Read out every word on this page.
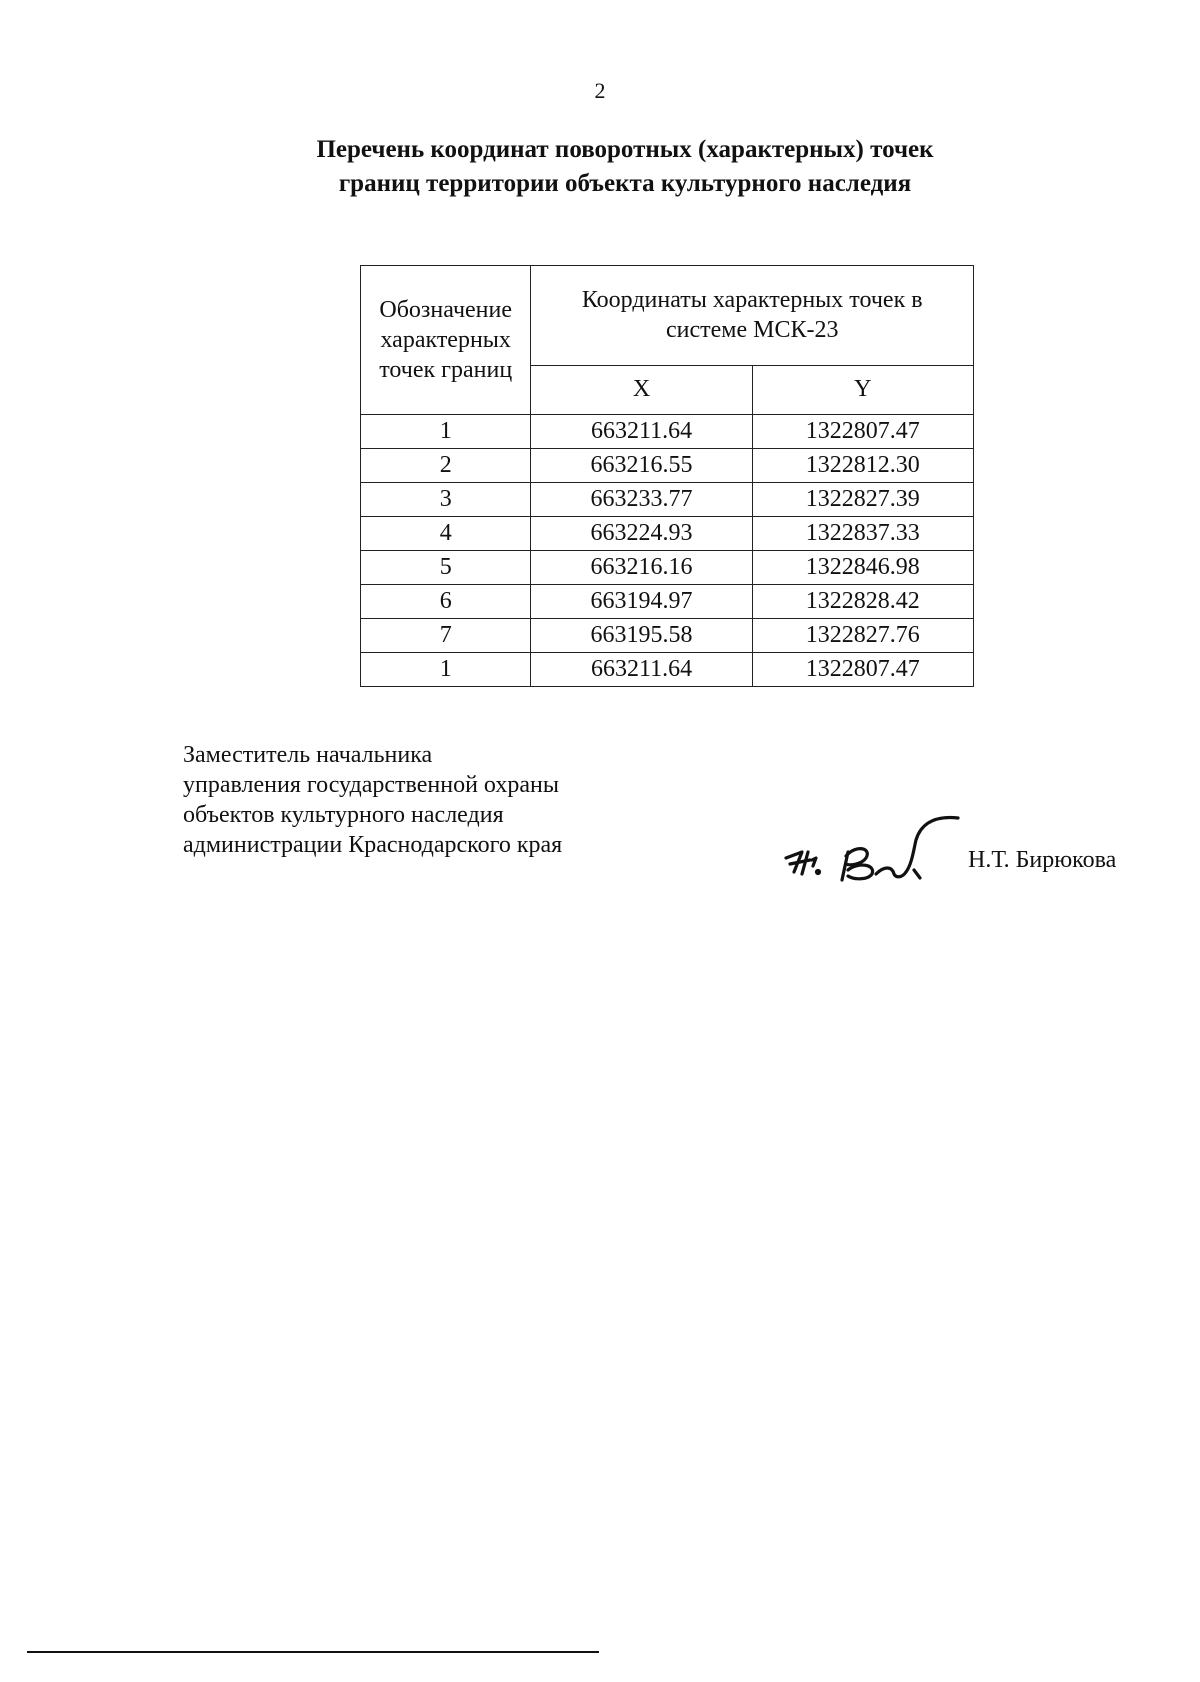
2
Перечень координат поворотных (характерных) точек
границ территории объекта культурного наследия
Обозначение
характерных
точек границ	Координаты характерных точек в
системе МСК-23	

	X	Y
1	663211.64	1322807.47
2	663216.55	1322812.30
3	663233.77	1322827.39
4	663224.93	1322837.33
5	663216.16	1322846.98
6	663194.97	1322828.42
7	663195.58	1322827.76
1	663211.64	1322807.47
Заместитель начальника
управления государственной охраны
объектов культурного наследия
администрации Краснодарского края
Н.Т. Бирюкова
